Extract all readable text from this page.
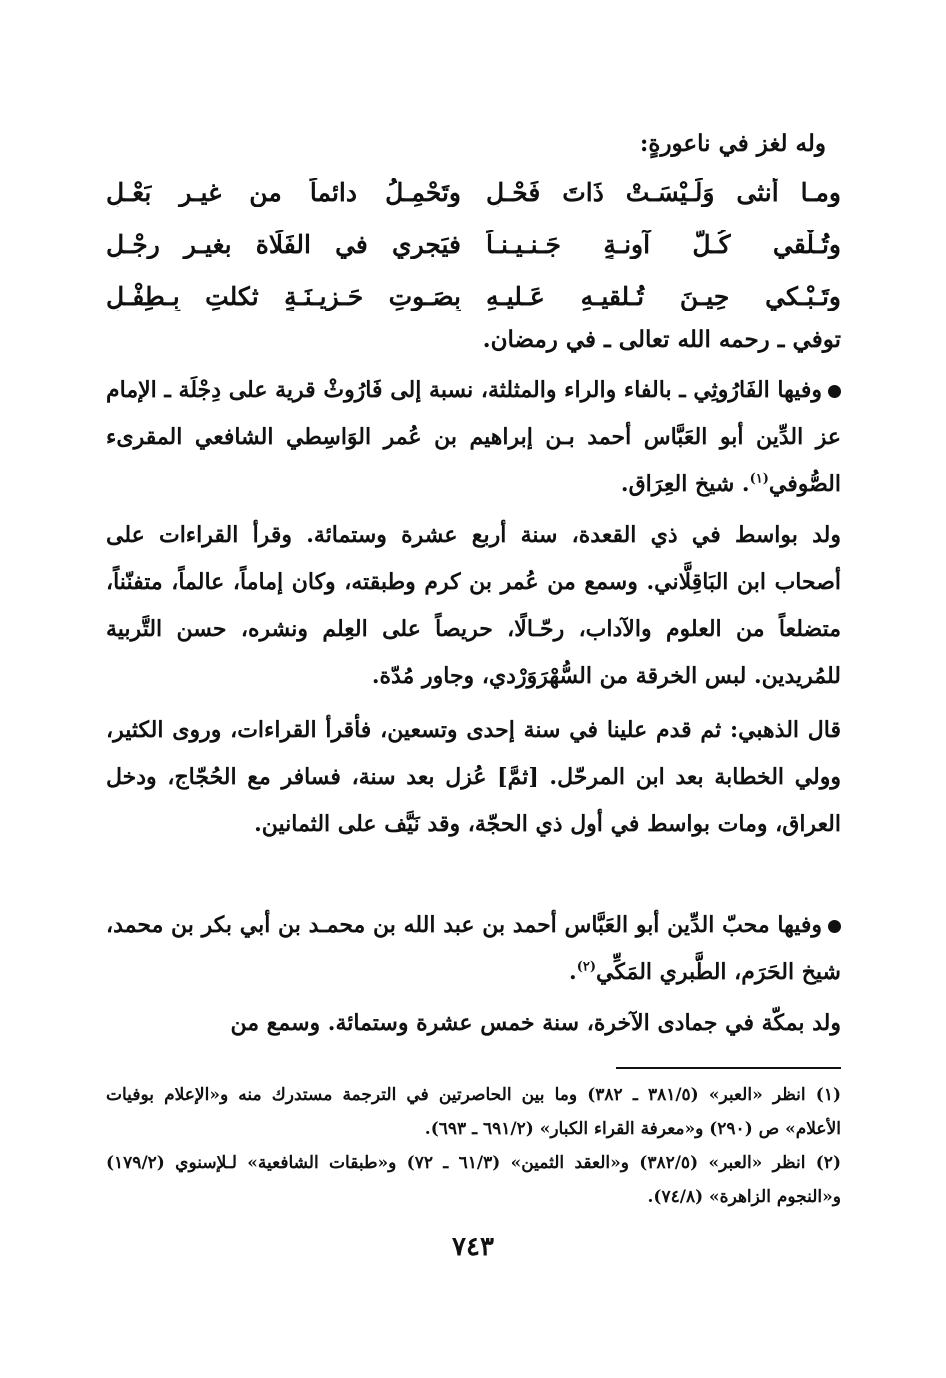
وله لغز في ناعورةٍ:
ومـا أُنثى وَلَـيْسَـتْ ذَاتَ فَحْـلِ
وتَحْمِـلُ دائماً من غيـرِ بَعْـلِ
وتُـلْقي كُـلَّ آونـةٍ جَـنـيـنـاً
فيَجري في الفَلَاة بغيـرِ رِجْـلِ
وتَـبْـكي حِيـنَ تُـلقيـهِ عَـليـهِ
بِصَـوتِ حَـزيـنَـةٍ ثكلتِ بِـطِفْـلِ
توفي ـ رحمه الله تعالى ـ في رمضان.
وفيها الفَارُوثِي ـ بالفاء والراء والمثلثة، نسبة إلى فَارُوثْ قرية على دِجْلَة ـ الإمام عز الدِّين أبو العَبَّاس أحمد بـن إبراهيم بن عُمر الوَاسِطي الشافعي المقرىء الصُّوفي$^{(١)}$. شيخ العِرَاق.
ولد بواسط في ذي القعدة، سنة أربع عشرة وستمائة. وقرأ القراءات على أصحاب ابن البَاقِلَّاني. وسمع من عُمر بن كرم وطبقته، وكان إماماً، عالماً، متفنّناً، متضلعاً من العلوم والآداب، رحّـالًا، حريصاً على العِلم ونشره، حسن التَّربية للمُريدين. لبس الخرقة من السُّهْرَوَرْدي، وجاور مُدّة.
قال الذهبي: ثم قدم علينا في سنة إحدى وتسعين، فأقرأ القراءات، وروى الكثير، وولي الخطابة بعد ابن المرحّل. [ثمَّ] عُزل بعد سنة، فسافر مع الحُجّاج، ودخل العراق، ومات بواسط في أول ذي الحجّة، وقد نَيَّف على الثمانين.
وفيها محبّ الدِّين أبو العَبَّاس أحمد بن عبد الله بن محمـد بن أبي بكر بن محمد، شيخ الحَرَم، الطَّبري المَكِّي$^{(٢)}$.
ولد بمكّة في جمادى الآخرة، سنة خمس عشرة وستمائة. وسمع من
(١) انظر «العبر» (٣٨١/٥ ـ ٣٨٢) وما بين الحاصرتين في الترجمة مستدرك منه و«الإعلام بوفيات الأعلام» ص (٢٩٠) و«معرفة القراء الكبار» (٦٩١/٢ ـ ٦٩٣).
(٢) انظر «العبر» (٣٨٢/٥) و«العقد الثمين» (٦١/٣ ـ ٧٢) و«طبقات الشافعية» لـلإسنوي (١٧٩/٢) و«النجوم الزاهرة» (٧٤/٨).
٧٤٣
